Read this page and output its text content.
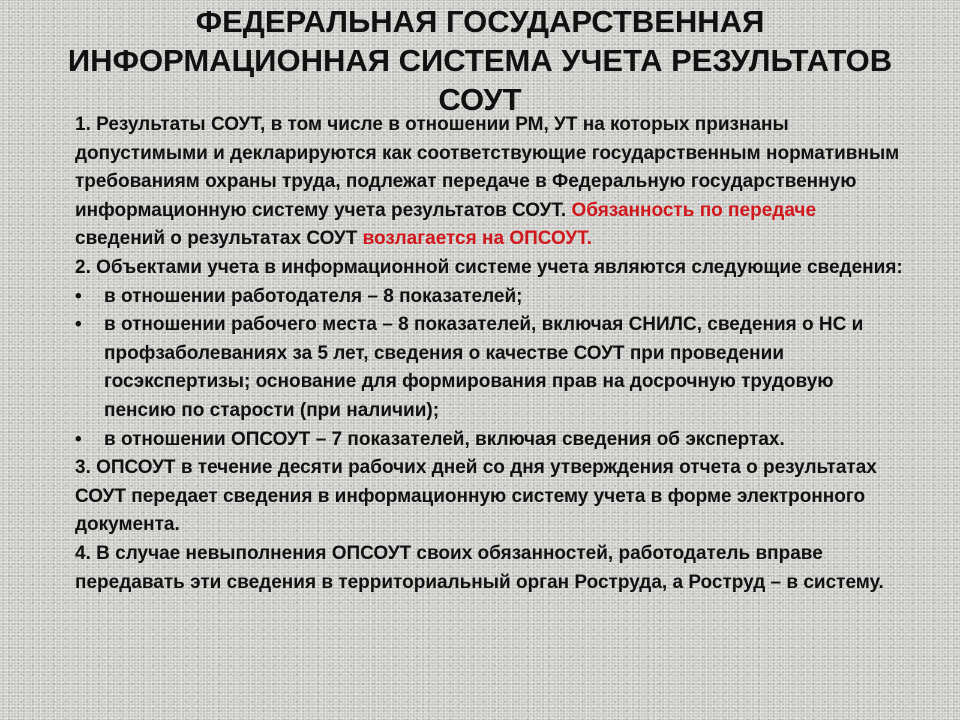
ФЕДЕРАЛЬНАЯ ГОСУДАРСТВЕННАЯ
ИНФОРМАЦИОННАЯ СИСТЕМА УЧЕТА РЕЗУЛЬТАТОВ
СОУТ

1. Результаты СОУТ, в том числе в отношении РМ, УТ на которых признаны допустимыми и декларируются как соответствующие государственным нормативным требованиям охраны труда, подлежат передаче в Федеральную государственную информационную систему учета результатов СОУТ. Обязанность по передаче сведений о результатах СОУТ возлагается на ОПСОУТ.

2. Объектами учета в информационной системе учета являются следующие сведения:

• в отношении работодателя – 8 показателей;
• в отношении рабочего места – 8 показателей, включая СНИЛС, сведения о НС и профзаболеваниях за 5 лет, сведения о качестве СОУТ при проведении госэкспертизы; основание для формирования прав на досрочную трудовую пенсию по старости (при наличии);
• в отношении ОПСОУТ – 7 показателей, включая сведения об экспертах.

3. ОПСОУТ в течение десяти рабочих дней со дня утверждения отчета о результатах СОУТ передает сведения в информационную систему учета в форме электронного документа.

4. В случае невыполнения ОПСОУТ своих обязанностей, работодатель вправе передавать эти сведения в территориальный орган Роструда, а Роструд – в систему.
